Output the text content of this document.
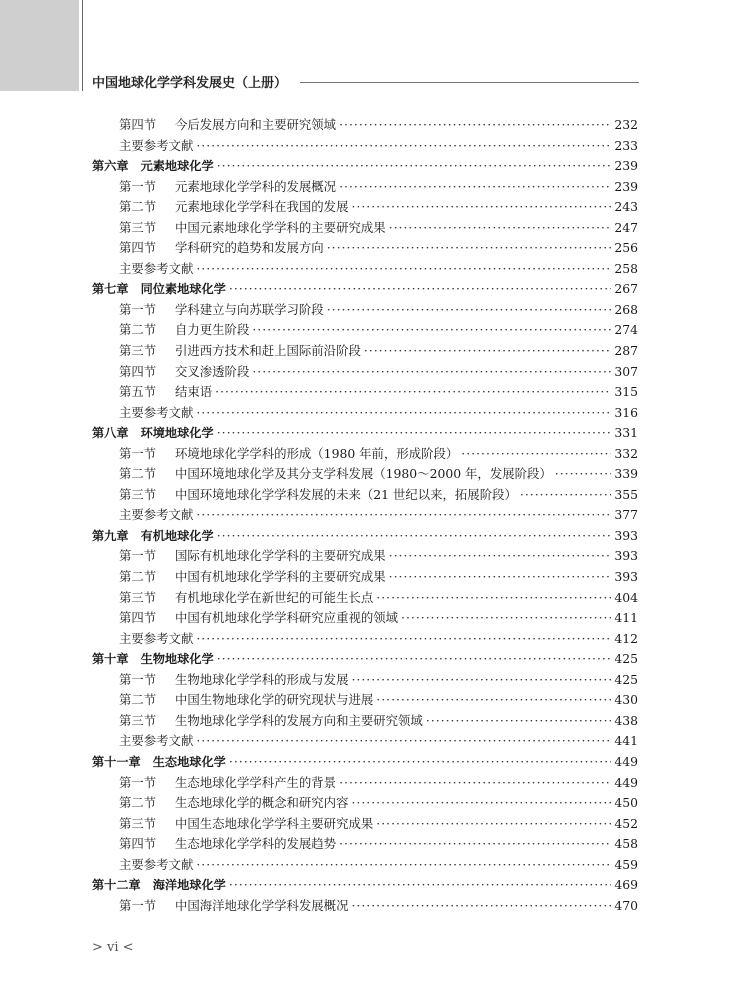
中国地球化学学科发展史（上册）
第四节	今后发展方向和主要研究领域 ·····	232
主要参考文献 ·····	233
第六章 元素地球化学 ·····	239
第一节	元素地球化学学科的发展概况 ·····	239
第二节	元素地球化学学科在我国的发展 ·····	243
第三节	中国元素地球化学学科的主要研究成果 ·····	247
第四节	学科研究的趋势和发展方向 ·····	256
主要参考文献 ·····	258
第七章 同位素地球化学 ·····	267
第一节	学科建立与向苏联学习阶段 ·····	268
第二节	自力更生阶段 ·····	274
第三节	引进西方技术和赶上国际前沿阶段 ·····	287
第四节	交叉渗透阶段 ·····	307
第五节	结束语 ·····	315
主要参考文献 ·····	316
第八章 环境地球化学 ·····	331
第一节	环境地球化学学科的形成（1980 年前，形成阶段） ·····	332
第二节	中国环境地球化学及其分支学科发展（1980～2000 年，发展阶段） ·····	339
第三节	中国环境地球化学学科发展的未来（21 世纪以来，拓展阶段） ·····	355
主要参考文献 ·····	377
第九章 有机地球化学 ·····	393
第一节	国际有机地球化学学科的主要研究成果 ·····	393
第二节	中国有机地球化学学科的主要研究成果 ·····	393
第三节	有机地球化学在新世纪的可能生长点 ·····	404
第四节	中国有机地球化学学科研究应重视的领域 ·····	411
主要参考文献 ·····	412
第十章 生物地球化学 ·····	425
第一节	生物地球化学学科的形成与发展 ·····	425
第二节	中国生物地球化学的研究现状与进展 ·····	430
第三节	生物地球化学学科的发展方向和主要研究领域 ·····	438
主要参考文献 ·····	441
第十一章 生态地球化学 ·····	449
第一节	生态地球化学学科产生的背景 ·····	449
第二节	生态地球化学的概念和研究内容 ·····	450
第三节	中国生态地球化学学科主要研究成果 ·····	452
第四节	生态地球化学学科的发展趋势 ·····	458
主要参考文献 ·····	459
第十二章 海洋地球化学 ·····	469
第一节	中国海洋地球化学学科发展概况 ·····	470
> vi <
